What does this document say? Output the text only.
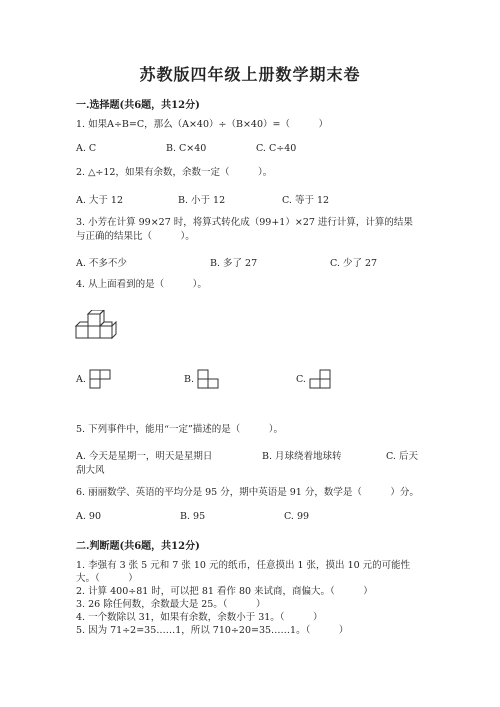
苏教版四年级上册数学期末卷
一.选择题(共6题，共12分)
1. 如果A÷B=C，那么（A×40）÷（B×40）=（　　　）
A. C	B. C×40	C. C÷40
2. △÷12，如果有余数，余数一定（　　　）。
A. 大于 12	B. 小于 12	C. 等于 12
3. 小芳在计算 99×27 时，将算式转化成（99+1）×27 进行计算，计算的结果
与正确的结果比（　　　）。
A. 不多不少	B. 多了 27	C. 少了 27
4. 从上面看到的是（　　　）。
A.	B.	C.
5. 下列事件中，能用“一定”描述的是（　　　）。
A. 今天是星期一，明天是星期日	B. 月球绕着地球转	C. 后天
刮大风
6. 丽丽数学、英语的平均分是 95 分，期中英语是 91 分，数学是（　　　）分。
A. 90	B. 95	C. 99
二.判断题(共6题，共12分)
1. 李强有 3 张 5 元和 7 张 10 元的纸币，任意摸出 1 张，摸出 10 元的可能性
大。（　　　）
2. 计算 400÷81 时，可以把 81 看作 80 来试商，商偏大。（　　　）
3. 26 除任何数，余数最大是 25。（　　　）
4. 一个数除以 31，如果有余数，余数小于 31。（　　　）
5. 因为 71÷2=35……1，所以 710÷20=35……1。（　　　）
